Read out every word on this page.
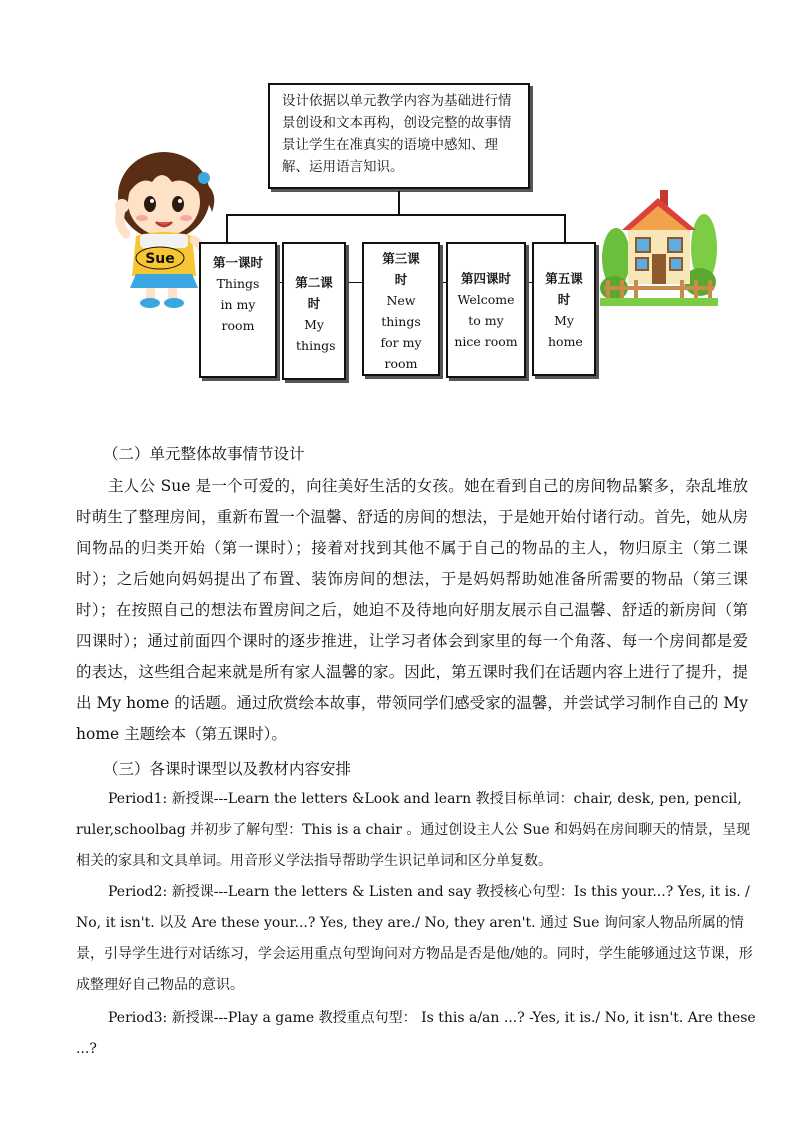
Sue
设计依据以单元教学内容为基础进行情景创设和文本再构，创设完整的故事情景让学生在准真实的语境中感知、理解、运用语言知识。
第一课时
Things in my room
第二课时
My things
第三课时
New things for my room
第四课时
Welcome to my nice room
第五课时
My home
（二）单元整体故事情节设计
主人公 Sue 是一个可爱的，向往美好生活的女孩。她在看到自己的房间物品繁多，杂乱堆放时萌生了整理房间，重新布置一个温馨、舒适的房间的想法，于是她开始付诸行动。首先，她从房间物品的归类开始（第一课时）；接着对找到其他不属于自己的物品的主人，物归原主（第二课时）；之后她向妈妈提出了布置、装饰房间的想法，于是妈妈帮助她准备所需要的物品（第三课时）；在按照自己的想法布置房间之后，她迫不及待地向好朋友展示自己温馨、舒适的新房间（第四课时）；通过前面四个课时的逐步推进，让学习者体会到家里的每一个角落、每一个房间都是爱的表达，这些组合起来就是所有家人温馨的家。因此，第五课时我们在话题内容上进行了提升，提出 My home 的话题。通过欣赏绘本故事，带领同学们感受家的温馨，并尝试学习制作自己的 My home 主题绘本（第五课时）。
（三）各课时课型以及教材内容安排
Period1: 新授课---Learn the letters &Look and learn 教授目标单词：chair, desk, pen, pencil, ruler,schoolbag 并初步了解句型：This is a chair 。通过创设主人公 Sue 和妈妈在房间聊天的情景，呈现相关的家具和文具单词。用音形义学法指导帮助学生识记单词和区分单复数。
Period2: 新授课---Learn the letters & Listen and say 教授核心句型：Is this your...? Yes, it is. / No, it isn't. 以及 Are these your...? Yes, they are./ No, they aren't. 通过 Sue 询问家人物品所属的情景，引导学生进行对话练习，学会运用重点句型询问对方物品是否是他/她的。同时，学生能够通过这节课，形成整理好自己物品的意识。
Period3: 新授课---Play a game 教授重点句型： Is this a/an ...? -Yes, it is./ No, it isn't. Are these ...?
